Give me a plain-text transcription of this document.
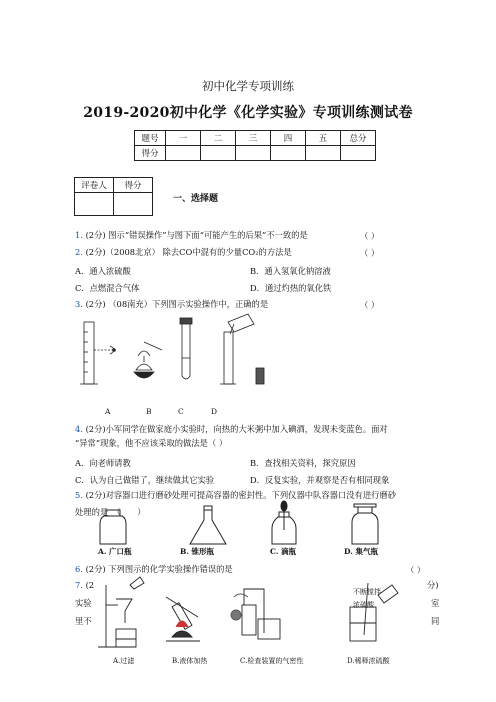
初中化学专项训练
2019-2020初中化学《化学实验》专项训练测试卷
题号	一	二	三	四	五	总分
得分						
评卷人	得分

一、选择题
1. (2分) 图示“错误操作”与图下面“可能产生的后果”不一致的是	（ ）
2. (2分)（2008北京） 除去CO中混有的少量CO₂的方法是	（ ）
A．通入浓硫酸	B．通入氢氧化钠溶液
C．点燃混合气体	D．通过灼热的氧化铁
3. (2分) （08南充）下列图示实验操作中，正确的是	（ ）
A	B	C	D
4. (2分)小军同学在做家庭小实验时，向热的大米粥中加入碘酒，发现未变蓝色。面对
“异常”现象，他不应该采取的做法是（ ）
A．向老师请教	B．查找相关资料，探究原因
C．认为自己做错了，继续做其它实验	D．反复实验，并观察是否有相同现象
5. (2分)对容器口进行磨砂处理可提高容器的密封性。下列仪器中队容器口没有进行磨砂
处理的是　（　　）
A. 广口瓶	B. 锥形瓶	C. 滴瓶	D. 集气瓶
6. (2分) 下列图示的化学实验操作错误的是	（ ）
7. (2	分)
实验	室
里不	同
不断搅拌
浓硫酸
A.过滤	B.液体加热	C.检查装置的气密性	D.稀释浓硫酸
